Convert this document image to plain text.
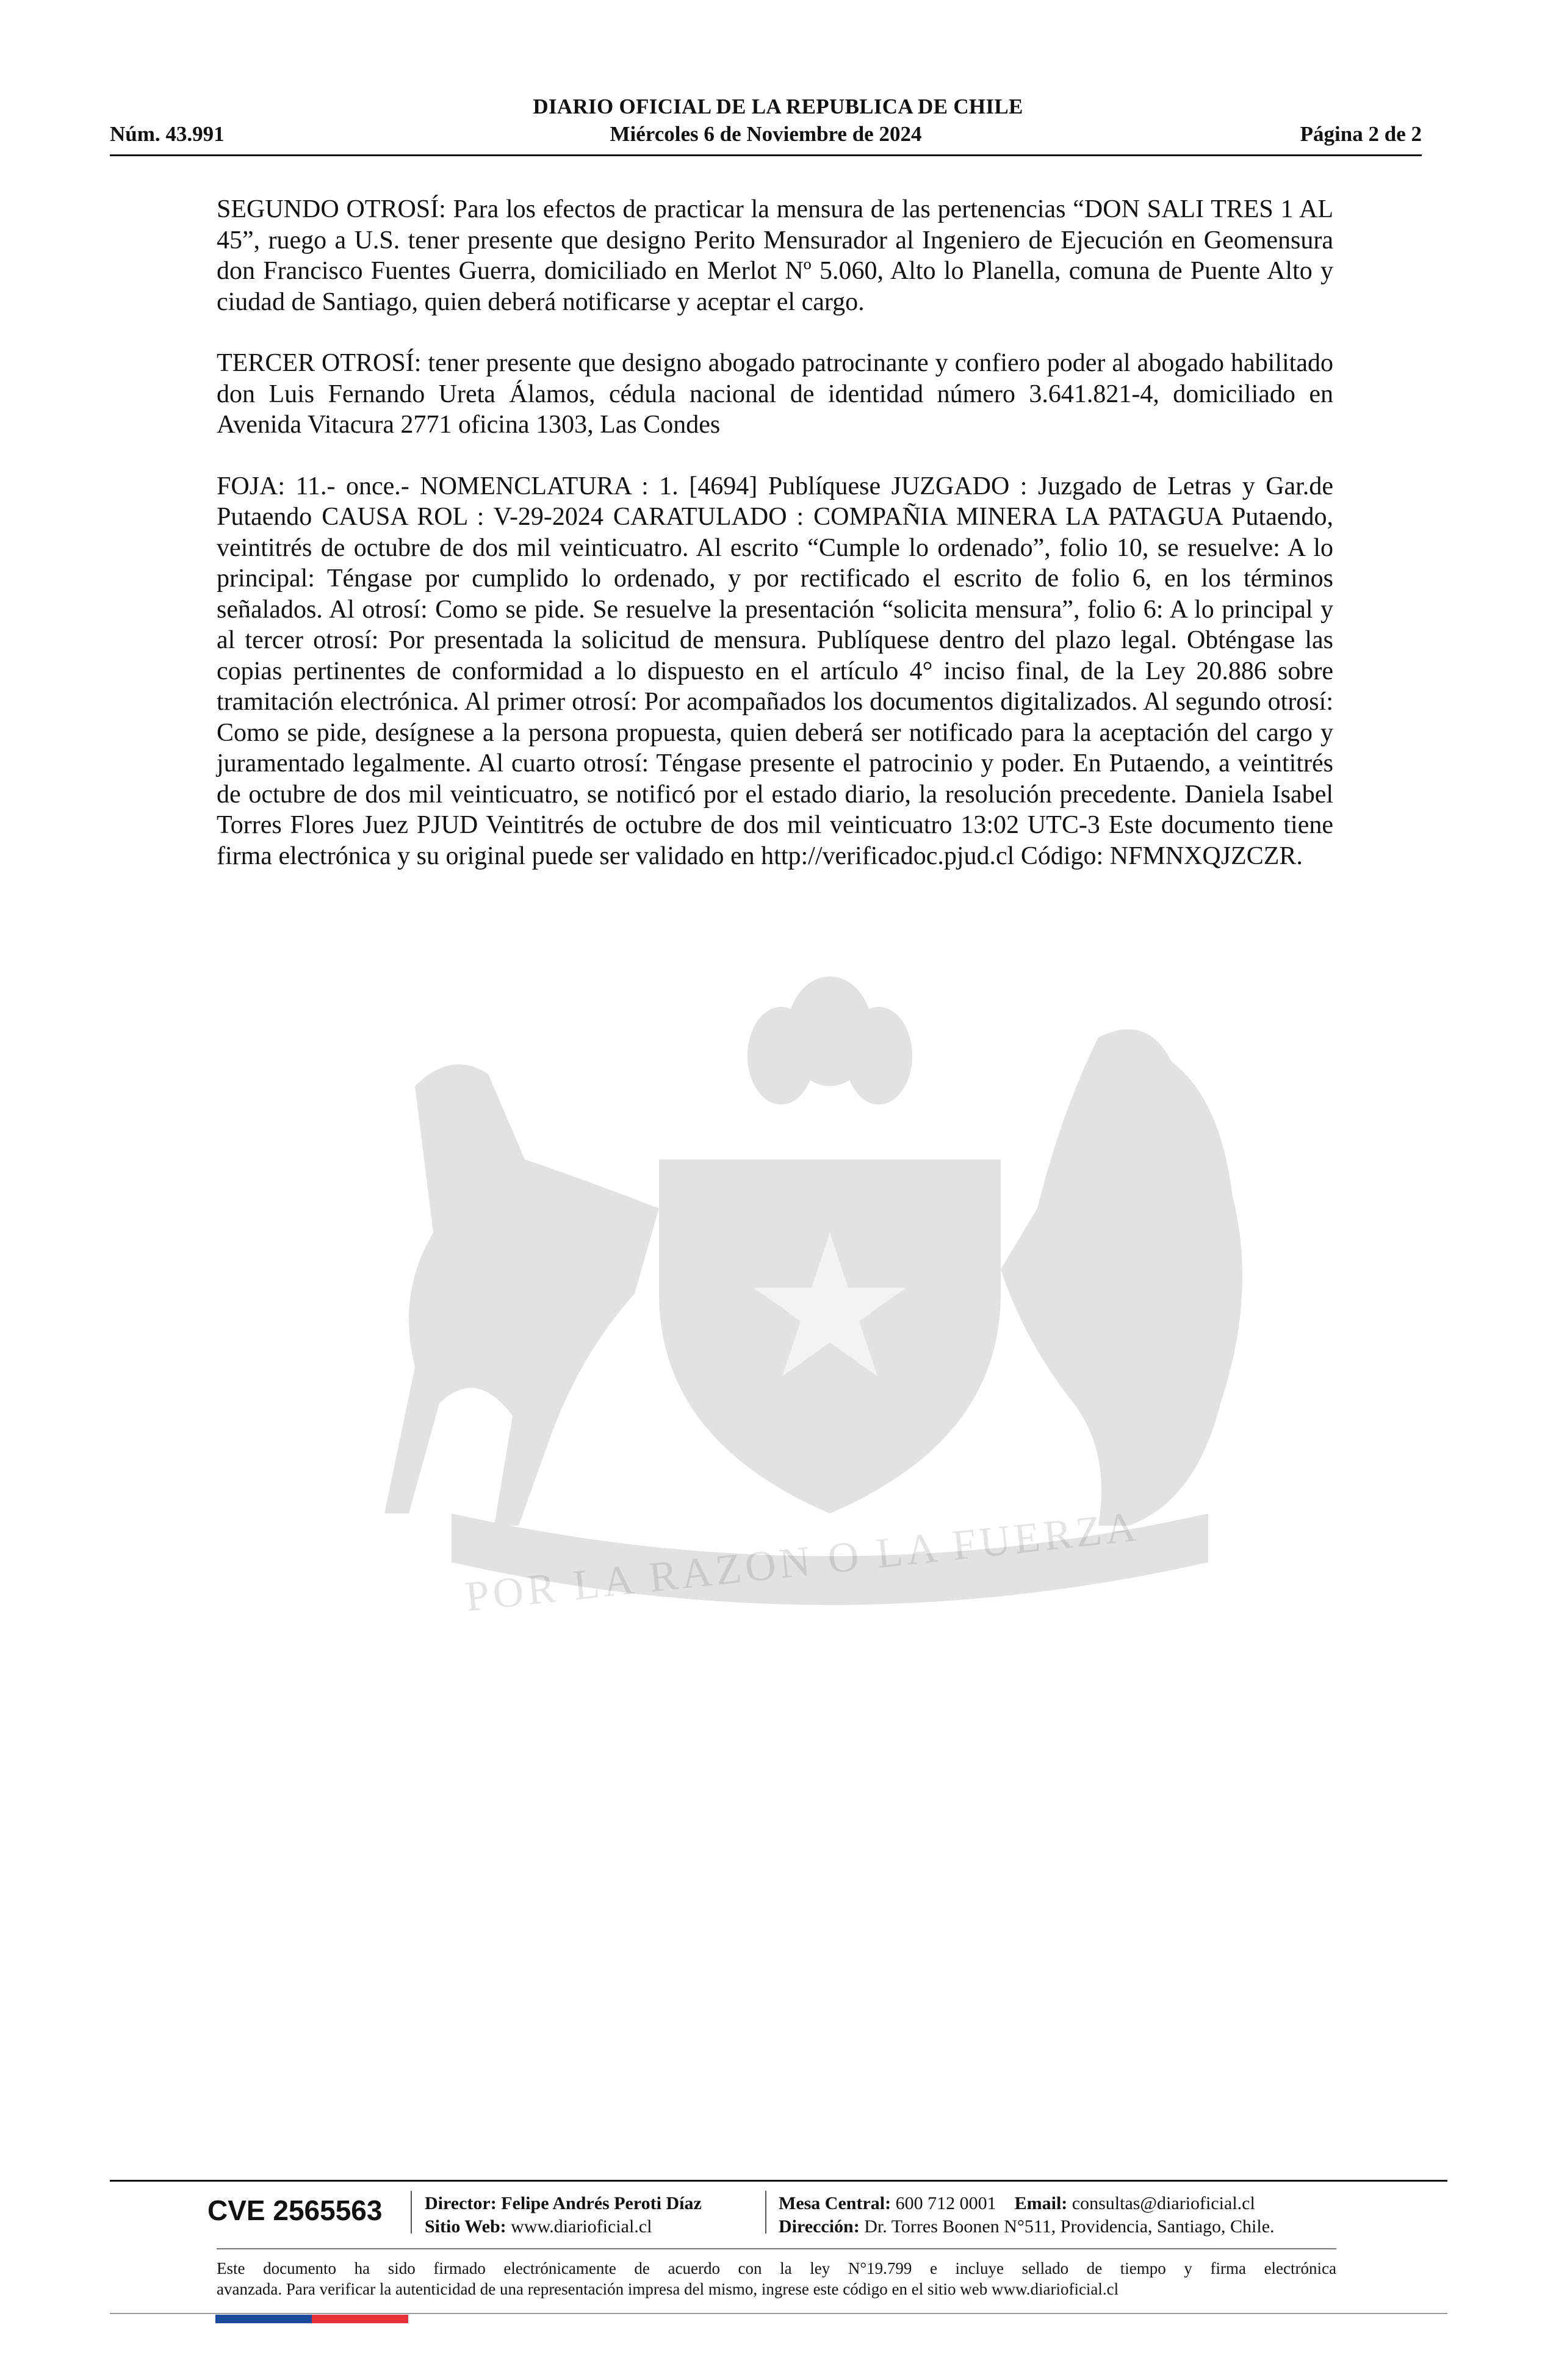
DIARIO OFICIAL DE LA REPUBLICA DE CHILE
Núm. 43.991	Miércoles 6 de Noviembre de 2024	Página 2 de 2

SEGUNDO OTROSÍ: Para los efectos de practicar la mensura de las pertenencias “DON SALI TRES 1 AL 45”, ruego a U.S. tener presente que designo Perito Mensurador al Ingeniero de Ejecución en Geomensura don Francisco Fuentes Guerra, domiciliado en Merlot Nº 5.060, Alto lo Planella, comuna de Puente Alto y ciudad de Santiago, quien deberá notificarse y aceptar el cargo.

TERCER OTROSÍ: tener presente que designo abogado patrocinante y confiero poder al abogado habilitado don Luis Fernando Ureta Álamos, cédula nacional de identidad número 3.641.821-4, domiciliado en Avenida Vitacura 2771 oficina 1303, Las Condes

FOJA: 11.- once.- NOMENCLATURA : 1. [4694] Publíquese JUZGADO : Juzgado de Letras y Gar.de Putaendo CAUSA ROL : V-29-2024 CARATULADO : COMPAÑIA MINERA LA PATAGUA Putaendo, veintitrés de octubre de dos mil veinticuatro. Al escrito “Cumple lo ordenado”, folio 10, se resuelve: A lo principal: Téngase por cumplido lo ordenado, y por rectificado el escrito de folio 6, en los términos señalados. Al otrosí: Como se pide. Se resuelve la presentación “solicita mensura”, folio 6: A lo principal y al tercer otrosí: Por presentada la solicitud de mensura. Publíquese dentro del plazo legal. Obténgase las copias pertinentes de conformidad a lo dispuesto en el artículo 4° inciso final, de la Ley 20.886 sobre tramitación electrónica. Al primer otrosí: Por acompañados los documentos digitalizados. Al segundo otrosí: Como se pide, desígnese a la persona propuesta, quien deberá ser notificado para la aceptación del cargo y juramentado legalmente. Al cuarto otrosí: Téngase presente el patrocinio y poder. En Putaendo, a veintitrés de octubre de dos mil veinticuatro, se notificó por el estado diario, la resolución precedente. Daniela Isabel Torres Flores Juez PJUD Veintitrés de octubre de dos mil veinticuatro 13:02 UTC-3 Este documento tiene firma electrónica y su original puede ser validado en http://verificadoc.pjud.cl Código: NFMNXQJZCZR.

POR LA RAZON O LA FUERZA
CVE 2565563 Director: Felipe Andrés Peroti Díaz
Sitio Web: www.diarioficial.cl
Mesa Central: 600 712 0001 Email: consultas@diarioficial.cl
Dirección: Dr. Torres Boonen N°511, Providencia, Santiago, Chile.
Este documento ha sido firmado electrónicamente de acuerdo con la ley N°19.799 e incluye sellado de tiempo y firma electrónica
avanzada. Para verificar la autenticidad de una representación impresa del mismo, ingrese este código en el sitio web www.diarioficial.cl
